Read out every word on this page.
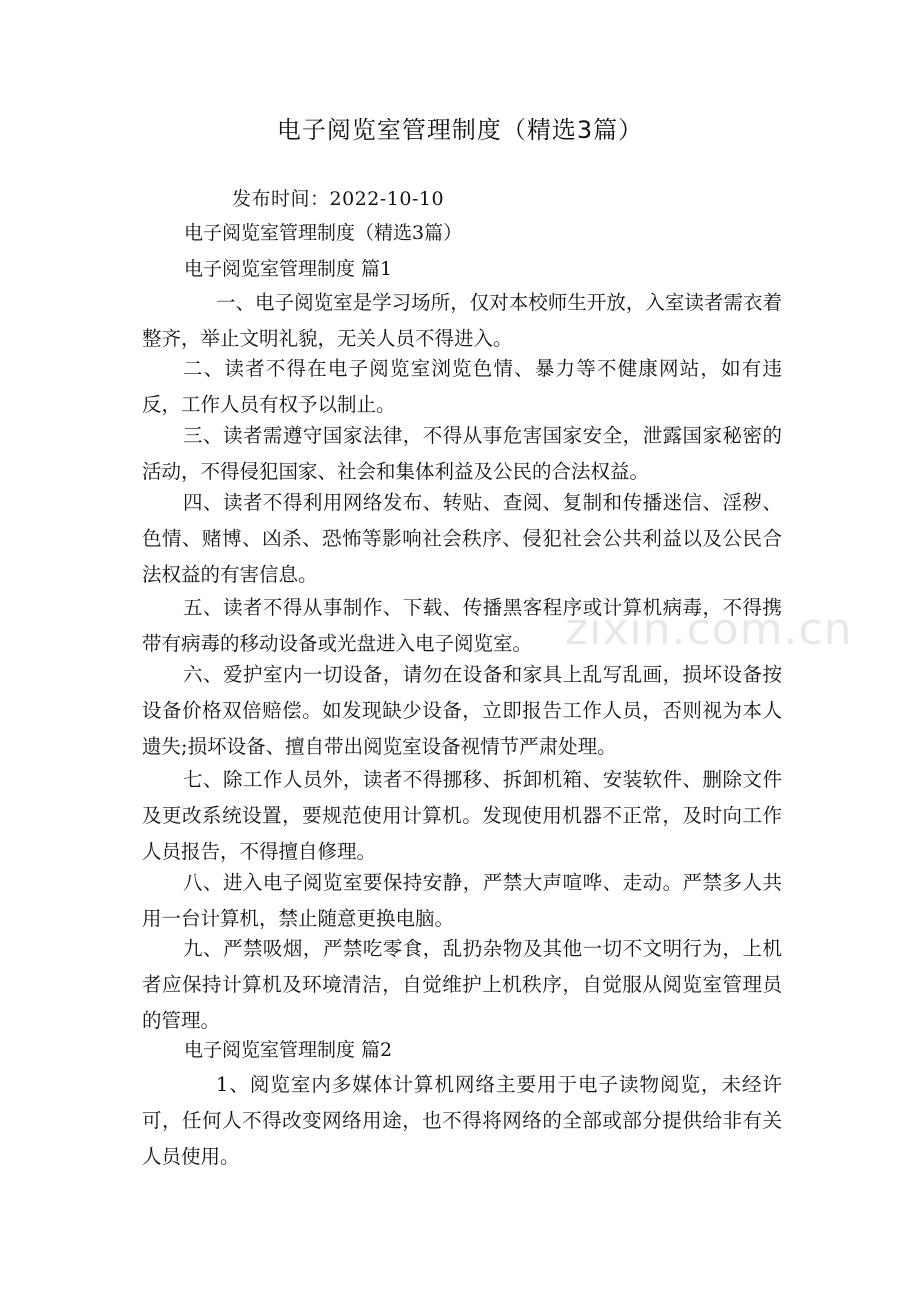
电子阅览室管理制度（精选3篇）
发布时间：2022-10-10
电子阅览室管理制度（精选3篇）
电子阅览室管理制度 篇1
一、电子阅览室是学习场所，仅对本校师生开放，入室读者需衣着整齐，举止文明礼貌，无关人员不得进入。
二、读者不得在电子阅览室浏览色情、暴力等不健康网站，如有违反，工作人员有权予以制止。
三、读者需遵守国家法律，不得从事危害国家安全，泄露国家秘密的活动，不得侵犯国家、社会和集体利益及公民的合法权益。
四、读者不得利用网络发布、转贴、查阅、复制和传播迷信、淫秽、色情、赌博、凶杀、恐怖等影响社会秩序、侵犯社会公共利益以及公民合法权益的有害信息。
五、读者不得从事制作、下载、传播黑客程序或计算机病毒，不得携带有病毒的移动设备或光盘进入电子阅览室。
六、爱护室内一切设备，请勿在设备和家具上乱写乱画，损坏设备按设备价格双倍赔偿。如发现缺少设备，立即报告工作人员，否则视为本人遗失;损坏设备、擅自带出阅览室设备视情节严肃处理。
七、除工作人员外，读者不得挪移、拆卸机箱、安装软件、删除文件及更改系统设置，要规范使用计算机。发现使用机器不正常，及时向工作人员报告，不得擅自修理。
八、进入电子阅览室要保持安静，严禁大声喧哗、走动。严禁多人共用一台计算机，禁止随意更换电脑。
九、严禁吸烟，严禁吃零食，乱扔杂物及其他一切不文明行为，上机者应保持计算机及环境清洁，自觉维护上机秩序，自觉服从阅览室管理员的管理。
电子阅览室管理制度 篇2
1、阅览室内多媒体计算机网络主要用于电子读物阅览，未经许可，任何人不得改变网络用途，也不得将网络的全部或部分提供给非有关人员使用。
zixin.com.cn
